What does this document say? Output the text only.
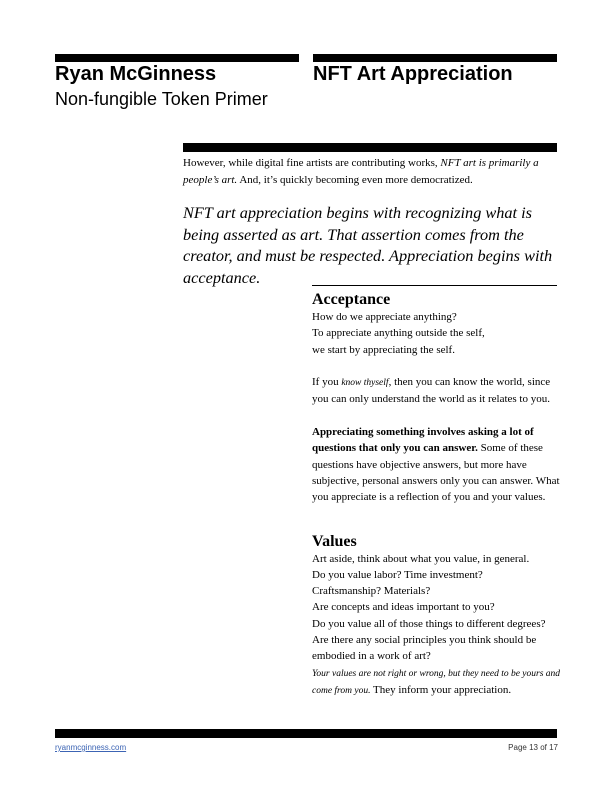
Ryan McGinness
Non-fungible Token Primer
NFT Art Appreciation
However, while digital fine artists are contributing works, NFT art is primarily a people’s art. And, it’s quickly becoming even more democratized.
NFT art appreciation begins with recognizing what is being asserted as art. That assertion comes from the creator, and must be respected. Appreciation begins with acceptance.
Acceptance

How do we appreciate anything?

To appreciate anything outside the self,

we start by appreciating the self.

If you know thyself, then you can know the world, since you can only understand the world as it relates to you.

Appreciating something involves asking a lot of questions that only you can answer. Some of these questions have objective answers, but more have subjective, personal answers only you can answer. What you appreciate is a reflection of you and your values.

Values

Art aside, think about what you value, in general.

Do you value labor? Time investment?

Craftsmanship? Materials?

Are concepts and ideas important to you?

Do you value all of those things to different degrees? Are there any social principles you think should be embodied in a work of art?

Your values are not right or wrong, but they need to be yours and come from you. They inform your appreciation.

ryanmcginness.com	Page 13 of 17
